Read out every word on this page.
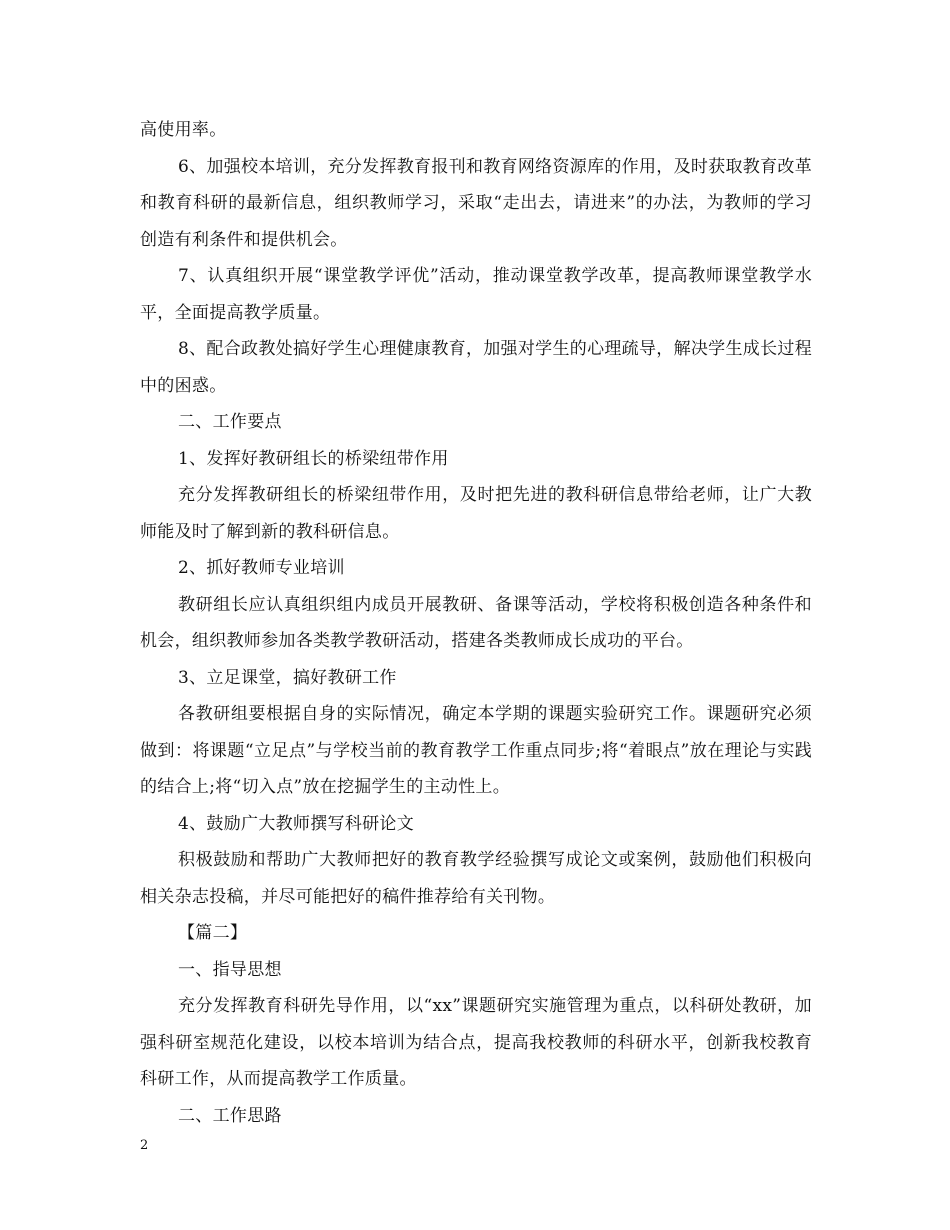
高使用率。

6、加强校本培训，充分发挥教育报刊和教育网络资源库的作用，及时获取教育改革和教育科研的最新信息，组织教师学习，采取“走出去，请进来”的办法，为教师的学习创造有利条件和提供机会。

7、认真组织开展“课堂教学评优”活动，推动课堂教学改革，提高教师课堂教学水平，全面提高教学质量。

8、配合政教处搞好学生心理健康教育，加强对学生的心理疏导，解决学生成长过程中的困惑。

二、工作要点

1、发挥好教研组长的桥梁纽带作用

充分发挥教研组长的桥梁纽带作用，及时把先进的教科研信息带给老师，让广大教师能及时了解到新的教科研信息。

2、抓好教师专业培训

教研组长应认真组织组内成员开展教研、备课等活动，学校将积极创造各种条件和机会，组织教师参加各类教学教研活动，搭建各类教师成长成功的平台。

3、立足课堂，搞好教研工作

各教研组要根据自身的实际情况，确定本学期的课题实验研究工作。课题研究必须做到：将课题“立足点”与学校当前的教育教学工作重点同步;将“着眼点”放在理论与实践的结合上;将“切入点”放在挖掘学生的主动性上。

4、鼓励广大教师撰写科研论文

积极鼓励和帮助广大教师把好的教育教学经验撰写成论文或案例，鼓励他们积极向相关杂志投稿，并尽可能把好的稿件推荐给有关刊物。

【篇二】

一、指导思想

充分发挥教育科研先导作用，以“xx”课题研究实施管理为重点，以科研处教研，加强科研室规范化建设，以校本培训为结合点，提高我校教师的科研水平，创新我校教育科研工作，从而提高教学工作质量。

二、工作思路

2
